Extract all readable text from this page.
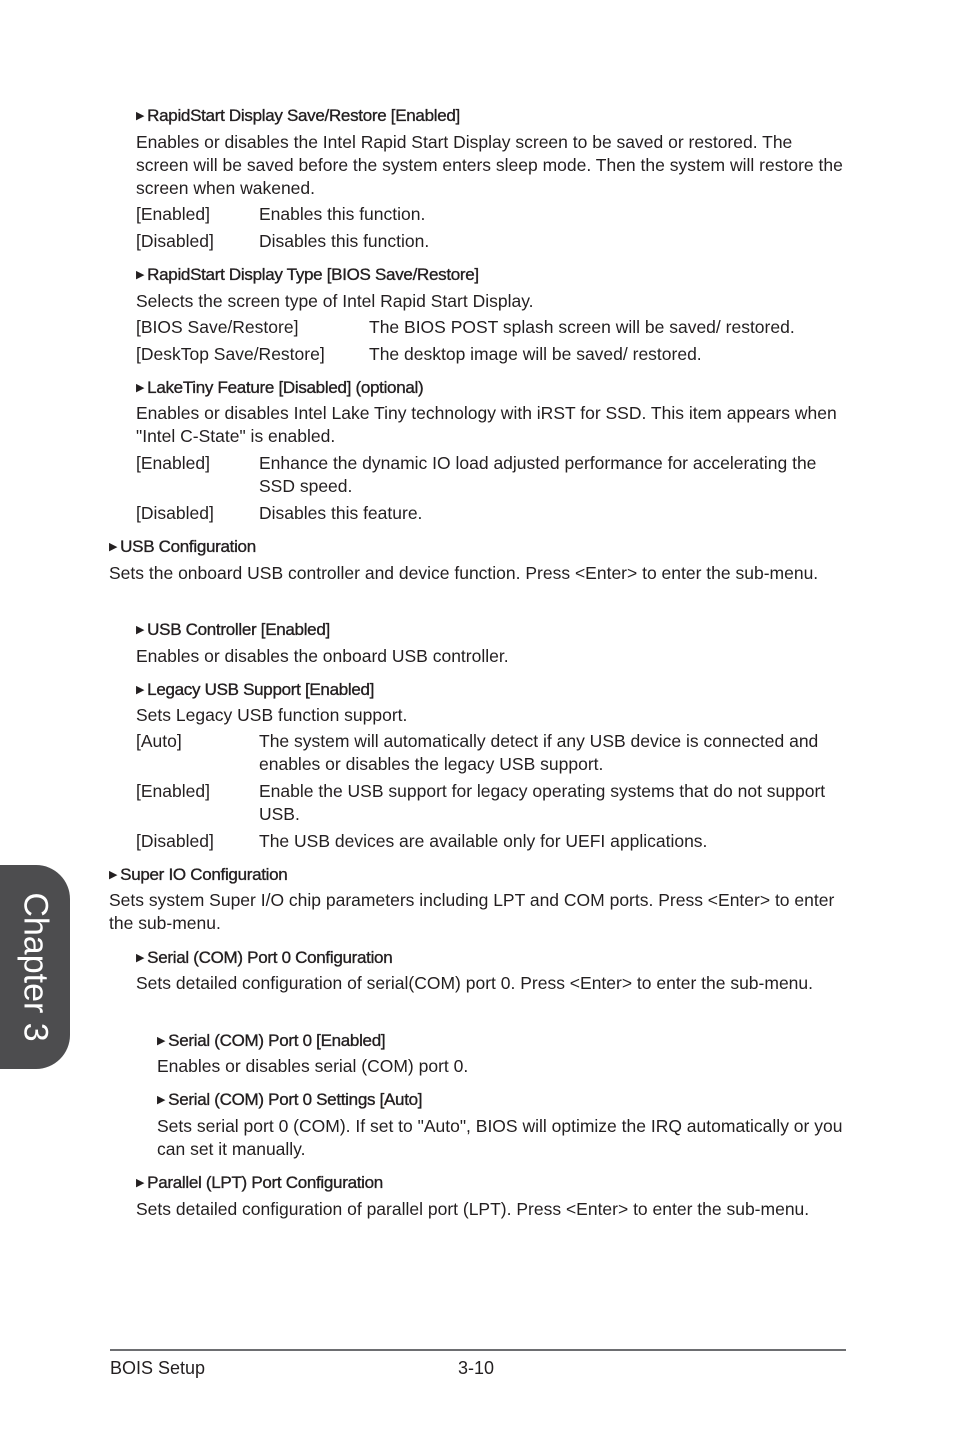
Chapter 3
▶ RapidStart Display Save/Restore [Enabled]
Enables or disables the Intel Rapid Start Display screen to be saved or restored. The screen will be saved before the system enters sleep mode. Then the system will restore the screen when wakened.
[Enabled]	Enables this function.
[Disabled]	Disables this function.
▶ RapidStart Display Type [BIOS Save/Restore]
Selects the screen type of Intel Rapid Start Display.
[BIOS Save/Restore]	The BIOS POST splash screen will be saved/ restored.
[DeskTop Save/Restore]	The desktop image will be saved/ restored.
▶ LakeTiny Feature [Disabled] (optional)
Enables or disables Intel Lake Tiny technology with iRST for SSD. This item appears when "Intel C-State" is enabled.
[Enabled]	Enhance the dynamic IO load adjusted performance for accelerating the SSD speed.
[Disabled]	Disables this feature.
▶ USB Configuration
Sets the onboard USB controller and device function. Press <Enter> to enter the sub-menu.
▶ USB Controller [Enabled]
Enables or disables the onboard USB controller.
▶ Legacy USB Support [Enabled]
Sets Legacy USB function support.
[Auto]	The system will automatically detect if any USB device is connected and enables or disables the legacy USB support.
[Enabled]	Enable the USB support for legacy operating systems that do not support USB.
[Disabled]	The USB devices are available only for UEFI applications.
▶ Super IO Configuration
Sets system Super I/O chip parameters including LPT and COM ports. Press <Enter> to enter the sub-menu.
▶ Serial (COM) Port 0 Configuration
Sets detailed configuration of serial(COM) port 0. Press <Enter> to enter the sub-menu.
▶ Serial (COM) Port 0 [Enabled]
Enables or disables serial (COM) port 0.
▶ Serial (COM) Port 0 Settings [Auto]
Sets serial port 0 (COM). If set to "Auto", BIOS will optimize the IRQ automatically or you can set it manually.
▶ Parallel (LPT) Port Configuration
Sets detailed configuration of parallel port (LPT). Press <Enter> to enter the sub-menu.
BOIS Setup	3-10
